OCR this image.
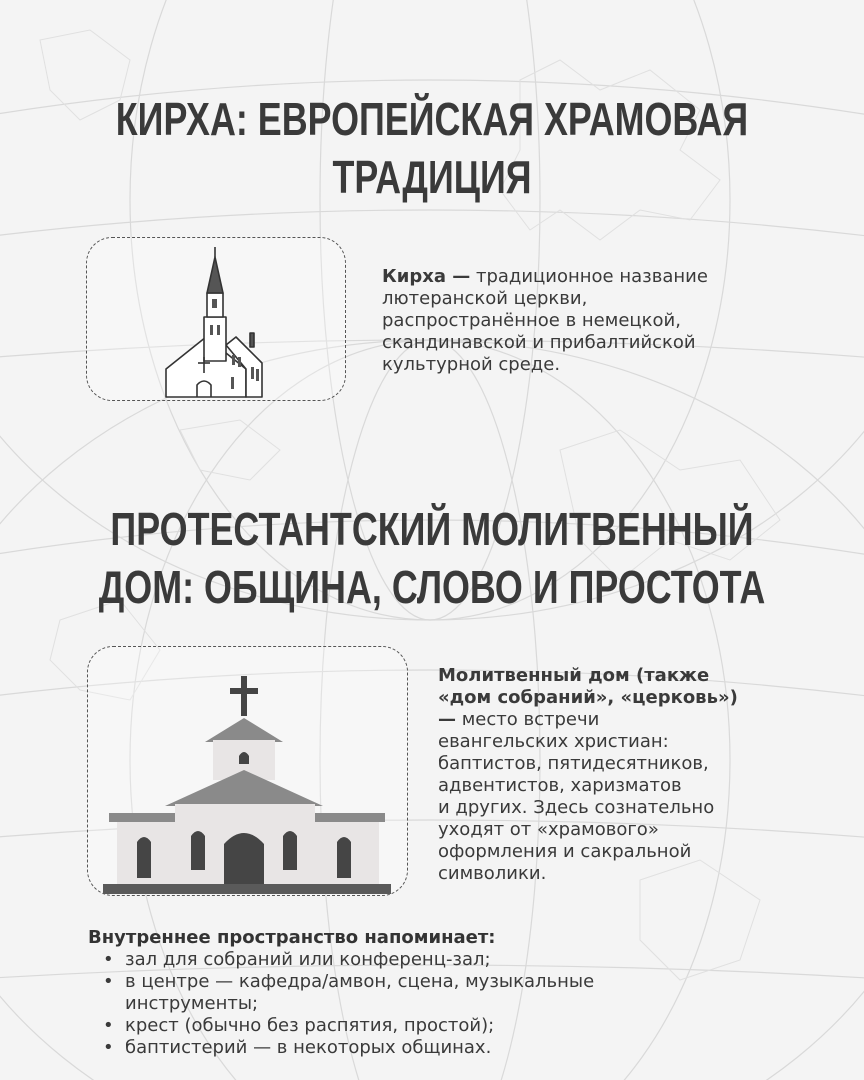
КИРХА: ЕВРОПЕЙСКАЯ ХРАМОВАЯ
ТРАДИЦИЯ
Кирха — традиционное название
лютеранской церкви,
распространённое в немецкой,
скандинавской и прибалтийской
культурной среде.
ПРОТЕСТАНТСКИЙ МОЛИТВЕННЫЙ
ДОМ: ОБЩИНА, СЛОВО И ПРОСТОТА
Молитвенный дом (также
«дом собраний», «церковь»)
— место встречи
евангельских христиан:
баптистов, пятидесятников,
адвентистов, харизматов
и других. Здесь сознательно
уходят от «храмового»
оформления и сакральной
символики.
Внутреннее пространство напоминает:
• зал для собраний или конференц-зал;
• в центре — кафедра/амвон, сцена, музыкальные
инструменты;
• крест (обычно без распятия, простой);
• баптистерий — в некоторых общинах.
